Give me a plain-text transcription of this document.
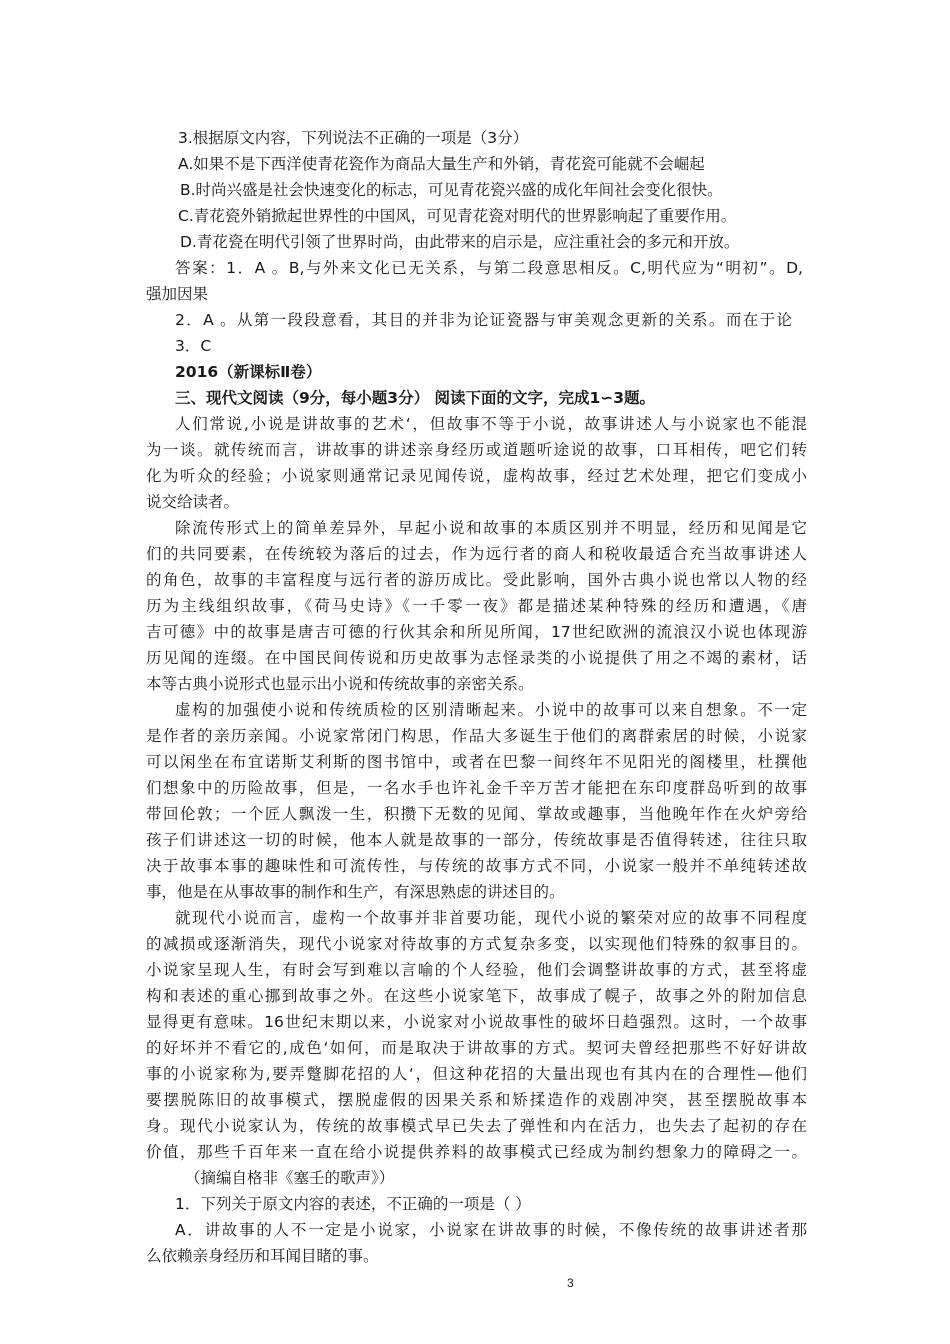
3.根据原文内容，下列说法不正确的一项是（3分）
A.如果不是下西洋使青花瓷作为商品大量生产和外销，青花瓷可能就不会崛起
B.时尚兴盛是社会快速变化的标志，可见青花瓷兴盛的成化年间社会变化很快。
C.青花瓷外销掀起世界性的中国风，可见青花瓷对明代的世界影响起了重要作用。
D.青花瓷在明代引领了世界时尚，由此带来的启示是，应注重社会的多元和开放。
答案：1．A 。B,与外来文化已无关系，与第二段意思相反。C,明代应为“明初”。D,
强加因果
2．A 。从第一段段意看，其目的并非为论证瓷器与审美观念更新的关系。而在于论
3．C
2016（新课标Ⅱ卷）
三、现代文阅读（9分，每小题3分） 阅读下面的文字，完成1∽3题。
人们常说,小说是讲故事的艺术‘，但故事不等于小说，故事讲述人与小说家也不能混
为一谈。就传统而言，讲故事的讲述亲身经历或道题听途说的故事，口耳相传，吧它们转
化为听众的经验；小说家则通常记录见闻传说，虚构故事，经过艺术处理，把它们变成小
说交给读者。
除流传形式上的简单差异外，早起小说和故事的本质区别并不明显，经历和见闻是它
们的共同要素，在传统较为落后的过去，作为远行者的商人和税收最适合充当故事讲述人
的角色，故事的丰富程度与远行者的游历成比。受此影响，国外古典小说也常以人物的经
历为主线组织故事，《荷马史诗》《一千零一夜》都是描述某种特殊的经历和遭遇，《唐
吉可德》中的故事是唐吉可德的行伙其余和所见所闻，17世纪欧洲的流浪汉小说也体现游
历见闻的连缀。在中国民间传说和历史故事为志怪录类的小说提供了用之不竭的素材，话
本等古典小说形式也显示出小说和传统故事的亲密关系。
虚构的加强使小说和传统质检的区别清晰起来。小说中的故事可以来自想象。不一定
是作者的亲历亲闻。小说家常闭门构思，作品大多诞生于他们的离群索居的时候，小说家
可以闲坐在布宜诺斯艾利斯的图书馆中，或者在巴黎一间终年不见阳光的阁楼里，杜撰他
们想象中的历险故事，但是，一名水手也许礼金千辛万苦才能把在东印度群岛听到的故事
带回伦敦；一个匠人飘泼一生，积攒下无数的见闻、掌故或趣事，当他晚年作在火炉旁给
孩子们讲述这一切的时候，他本人就是故事的一部分，传统故事是否值得转述，往往只取
决于故事本事的趣味性和可流传性，与传统的故事方式不同，小说家一般并不单纯转述故
事，他是在从事故事的制作和生产，有深思熟虑的讲述目的。
就现代小说而言，虚构一个故事并非首要功能，现代小说的繁荣对应的故事不同程度
的减损或逐渐消失，现代小说家对待故事的方式复杂多变，以实现他们特殊的叙事目的。
小说家呈现人生，有时会写到难以言喻的个人经验，他们会调整讲故事的方式，甚至将虚
构和表述的重心挪到故事之外。在这些小说家笔下，故事成了幌子，故事之外的附加信息
显得更有意味。16世纪末期以来，小说家对小说故事性的破坏日趋强烈。这时，一个故事
的好坏并不看它的,成色‘如何，而是取决于讲故事的方式。契诃夫曾经把那些不好好讲故
事的小说家称为,要弄蹩脚花招的人‘，但这种花招的大量出现也有其内在的合理性—他们
要摆脱陈旧的故事模式，摆脱虚假的因果关系和矫揉造作的戏剧冲突，甚至摆脱故事本
身。现代小说家认为，传统的故事模式早已失去了弹性和内在活力，也失去了起初的存在
价值，那些千百年来一直在给小说提供养料的故事模式已经成为制约想象力的障碍之一。
（摘编自格非《塞壬的歌声》）
1．下列关于原文内容的表述，不正确的一项是（ ）
A．讲故事的人不一定是小说家，小说家在讲故事的时候，不像传统的故事讲述者那
么依赖亲身经历和耳闻目睹的事。
3
